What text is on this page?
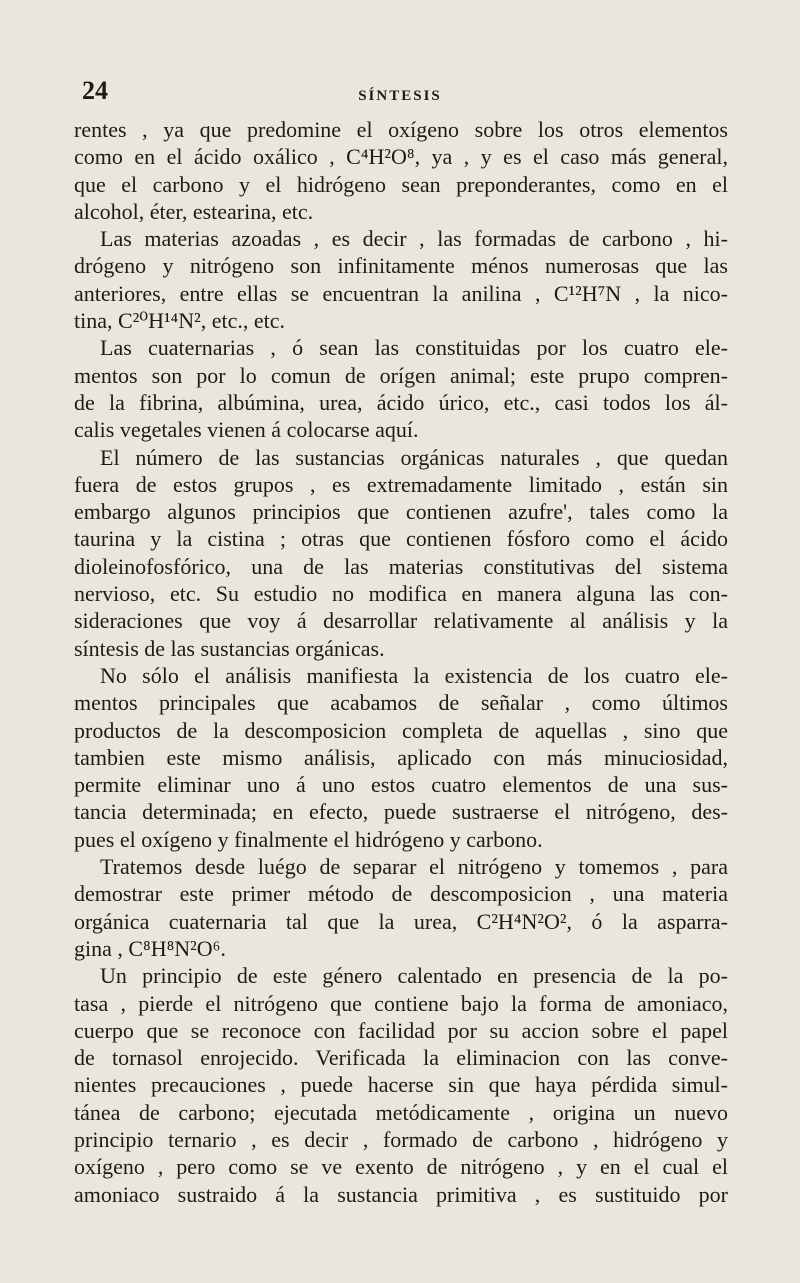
24	SÍNTESIS
rentes , ya que predomine el oxígeno sobre los otros elementos
como en el ácido oxálico , C⁴H²O⁸, ya , y es el caso más general,
que el carbono y el hidrógeno sean preponderantes, como en el
alcohol, éter, estearina, etc.
Las materias azoadas , es decir , las formadas de carbono , hi-
drógeno y nitrógeno son infinitamente ménos numerosas que las
anteriores, entre ellas se encuentran la anilina , C¹²H⁷N , la nico-
tina, C²⁰H¹⁴N², etc., etc.
Las cuaternarias , ó sean las constituidas por los cuatro ele-
mentos son por lo comun de orígen animal; este prupo compren-
de la fibrina, albúmina, urea, ácido úrico, etc., casi todos los ál-
calis vegetales vienen á colocarse aquí.
El número de las sustancias orgánicas naturales , que quedan
fuera de estos grupos , es extremadamente limitado , están sin
embargo algunos principios que contienen azufre', tales como la
taurina y la cistina ; otras que contienen fósforo como el ácido
dioleinofosfórico, una de las materias constitutivas del sistema
nervioso, etc. Su estudio no modifica en manera alguna las con-
sideraciones que voy á desarrollar relativamente al análisis y la
síntesis de las sustancias orgánicas.
No sólo el análisis manifiesta la existencia de los cuatro ele-
mentos principales que acabamos de señalar , como últimos
productos de la descomposicion completa de aquellas , sino que
tambien este mismo análisis, aplicado con más minuciosidad,
permite eliminar uno á uno estos cuatro elementos de una sus-
tancia determinada; en efecto, puede sustraerse el nitrógeno, des-
pues el oxígeno y finalmente el hidrógeno y carbono.
Tratemos desde luégo de separar el nitrógeno y tomemos , para
demostrar este primer método de descomposicion , una materia
orgánica cuaternaria tal que la urea, C²H⁴N²O², ó la asparra-
gina , C⁸H⁸N²O⁶.
Un principio de este género calentado en presencia de la po-
tasa , pierde el nitrógeno que contiene bajo la forma de amoniaco,
cuerpo que se reconoce con facilidad por su accion sobre el papel
de tornasol enrojecido. Verificada la eliminacion con las conve-
nientes precauciones , puede hacerse sin que haya pérdida simul-
tánea de carbono; ejecutada metódicamente , origina un nuevo
principio ternario , es decir , formado de carbono , hidrógeno y
oxígeno , pero como se ve exento de nitrógeno , y en el cual el
amoniaco sustraido á la sustancia primitiva , es sustituido por
